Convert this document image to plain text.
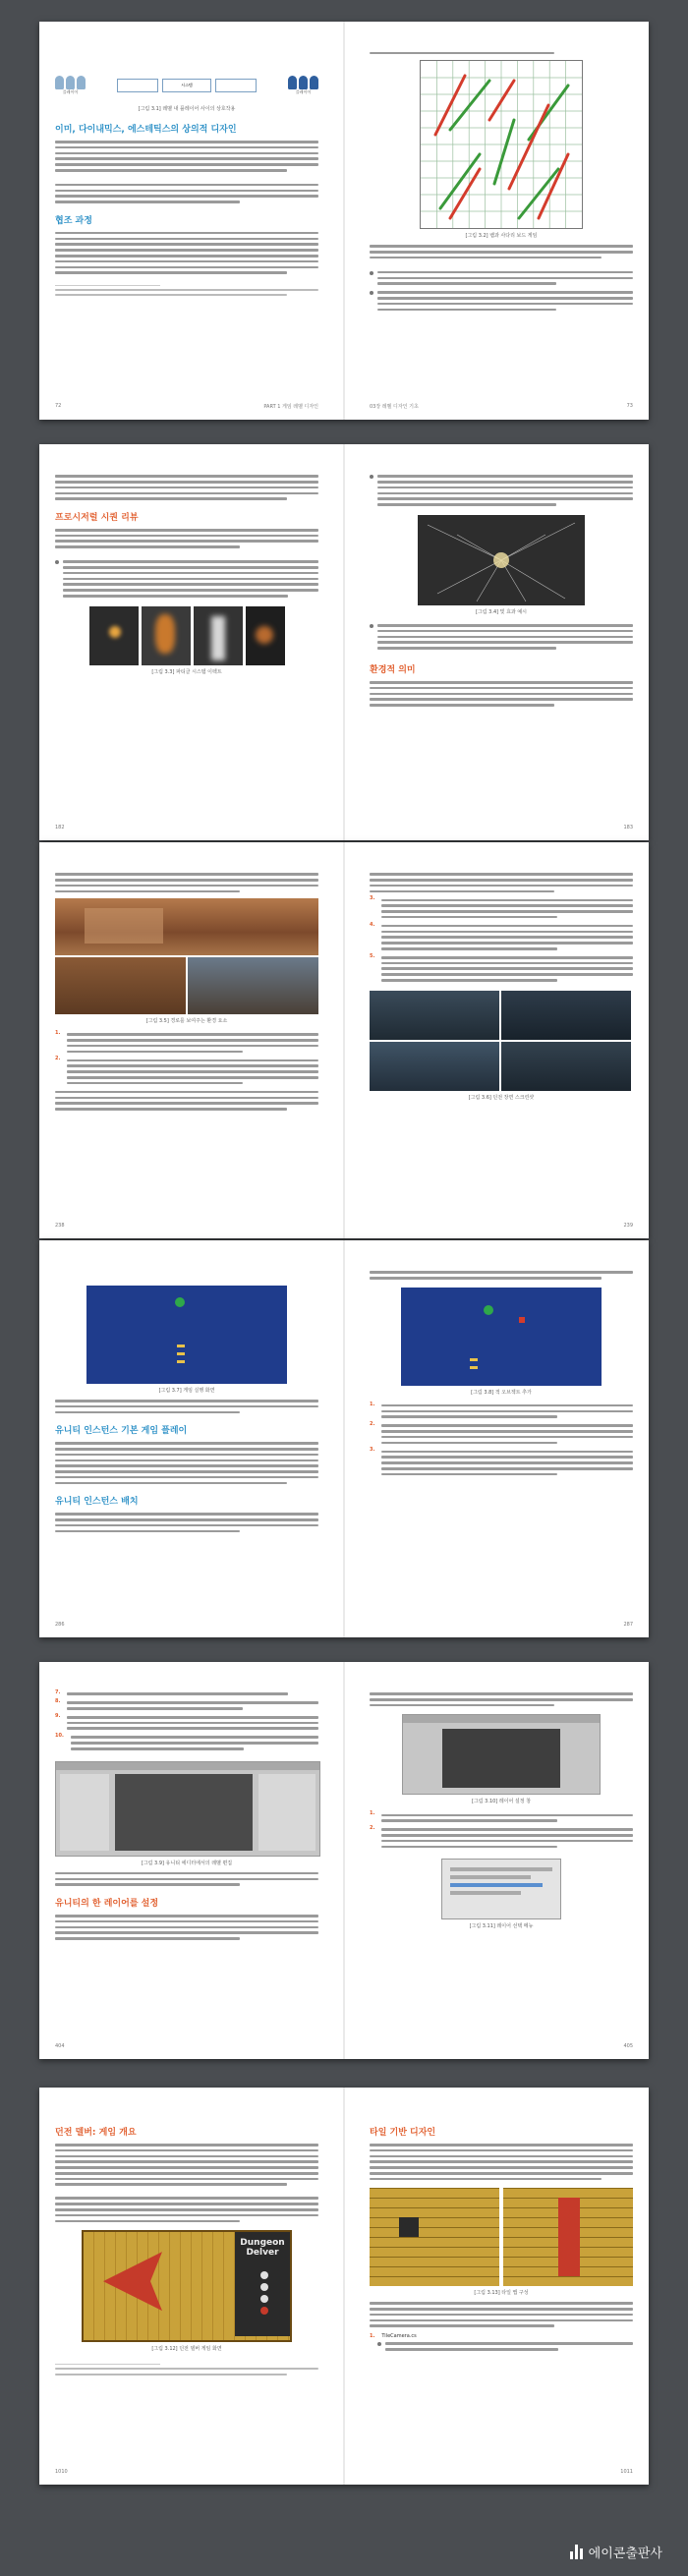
플레이어
시스템
플레이어
[그림 3.1] 레벨 내 플레이어 사이의 상호작용
이미, 다이내믹스, 에스테틱스의 상의적 디자인
협조 과정
72	PART 1 게임 레벨 디자인
[그림 3.2] 뱀과 사다리 보드 게임
03장 레벨 디자인 기초	73
프로시저럴 시퀀 리뷰
[그림 3.3] 파티클 시스템 이펙트
182
[그림 3.4] 빛 효과 예시
환경적 의미
183
[그림 3.5] 경로를 보여주는 환경 요소
1.
2.
238
3.
4.
5.
[그림 3.6] 던전 장면 스크린샷
239
[그림 3.7] 게임 실행 화면
유니티 인스턴스 기본 게임 플레이
유니티 인스턴스 배치
286
[그림 3.8] 적 오브젝트 추가
1.
2.
3.
287
7.
8.
9.
10.
[그림 3.9] 유니티 에디터에서의 레벨 편집
유니티의 한 레이어를 설정
404
[그림 3.10] 레이어 설정 창
1.
2.
[그림 3.11] 레이어 선택 메뉴
405
던전 델버: 게임 개요
Dungeon Delver
[그림 3.12] 던전 델버 게임 화면
1010
타일 기반 디자인
[그림 3.13] 타일 맵 구성
1. TileCamera.cs
1011
에이콘출판사
